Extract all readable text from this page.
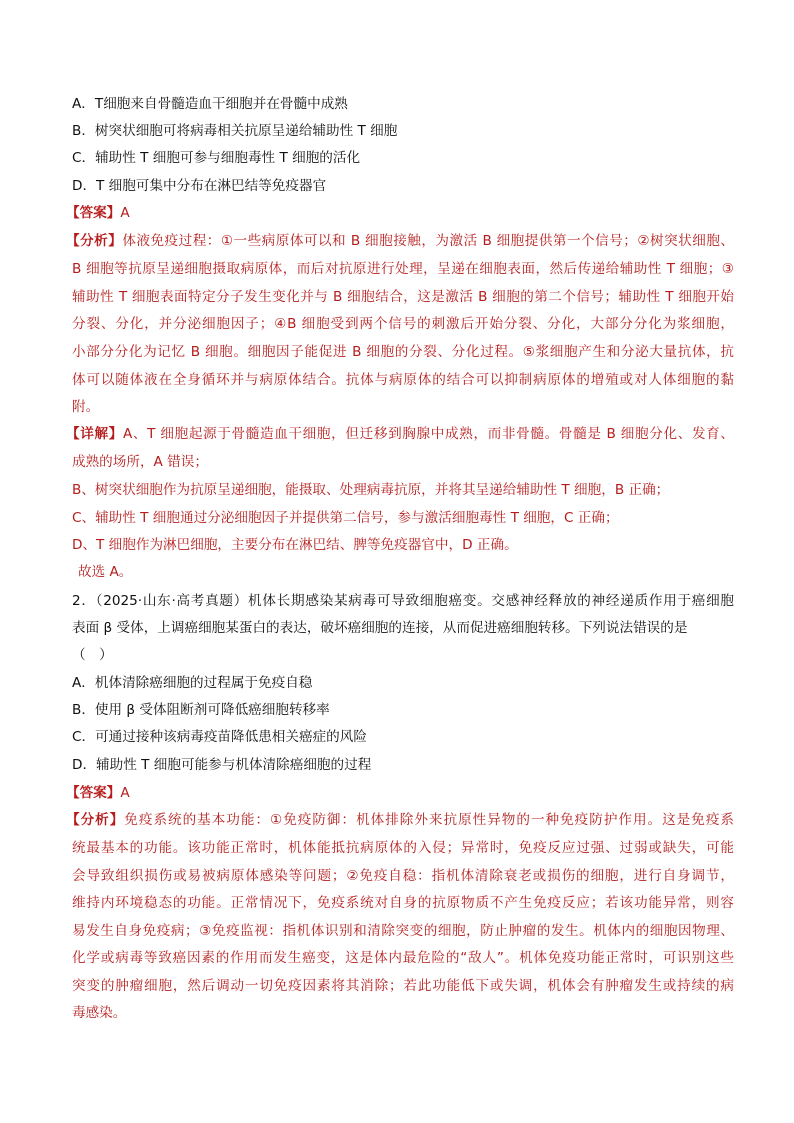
A．T细胞来自骨髓造血干细胞并在骨髓中成熟
B．树突状细胞可将病毒相关抗原呈递给辅助性 T 细胞
C．辅助性 T 细胞可参与细胞毒性 T 细胞的活化
D．T 细胞可集中分布在淋巴结等免疫器官
【答案】A
【分析】体液免疫过程：①一些病原体可以和 B 细胞接触，为激活 B 细胞提供第一个信号；②树突状细胞、
B 细胞等抗原呈递细胞摄取病原体，而后对抗原进行处理，呈递在细胞表面，然后传递给辅助性 T 细胞；③
辅助性 T 细胞表面特定分子发生变化并与 B 细胞结合，这是激活 B 细胞的第二个信号；辅助性 T 细胞开始
分裂、分化，并分泌细胞因子；④B 细胞受到两个信号的刺激后开始分裂、分化，大部分分化为浆细胞，
小部分分化为记忆 B 细胞。细胞因子能促进 B 细胞的分裂、分化过程。⑤浆细胞产生和分泌大量抗体，抗
体可以随体液在全身循环并与病原体结合。抗体与病原体的结合可以抑制病原体的增殖或对人体细胞的黏
附。
【详解】A、T 细胞起源于骨髓造血干细胞，但迁移到胸腺中成熟，而非骨髓。骨髓是 B 细胞分化、发育、
成熟的场所，A 错误；
B、树突状细胞作为抗原呈递细胞，能摄取、处理病毒抗原，并将其呈递给辅助性 T 细胞，B 正确；
C、辅助性 T 细胞通过分泌细胞因子并提供第二信号，参与激活细胞毒性 T 细胞，C 正确；
D、T 细胞作为淋巴细胞，主要分布在淋巴结、脾等免疫器官中，D 正确。
故选 A。
2．（2025·山东·高考真题）机体长期感染某病毒可导致细胞癌变。交感神经释放的神经递质作用于癌细胞
表面 β 受体，上调癌细胞某蛋白的表达，破坏癌细胞的连接，从而促进癌细胞转移。下列说法错误的是
（　）
A．机体清除癌细胞的过程属于免疫自稳
B．使用 β 受体阻断剂可降低癌细胞转移率
C．可通过接种该病毒疫苗降低患相关癌症的风险
D．辅助性 T 细胞可能参与机体清除癌细胞的过程
【答案】A
【分析】免疫系统的基本功能：①免疫防御：机体排除外来抗原性异物的一种免疫防护作用。这是免疫系
统最基本的功能。该功能正常时，机体能抵抗病原体的入侵；异常时，免疫反应过强、过弱或缺失，可能
会导致组织损伤或易被病原体感染等问题；②免疫自稳：指机体清除衰老或损伤的细胞，进行自身调节，
维持内环境稳态的功能。正常情况下，免疫系统对自身的抗原物质不产生免疫反应；若该功能异常，则容
易发生自身免疫病；③免疫监视：指机体识别和清除突变的细胞，防止肿瘤的发生。机体内的细胞因物理、
化学或病毒等致癌因素的作用而发生癌变，这是体内最危险的“敌人”。机体免疫功能正常时，可识别这些
突变的肿瘤细胞，然后调动一切免疫因素将其消除；若此功能低下或失调，机体会有肿瘤发生或持续的病
毒感染。
